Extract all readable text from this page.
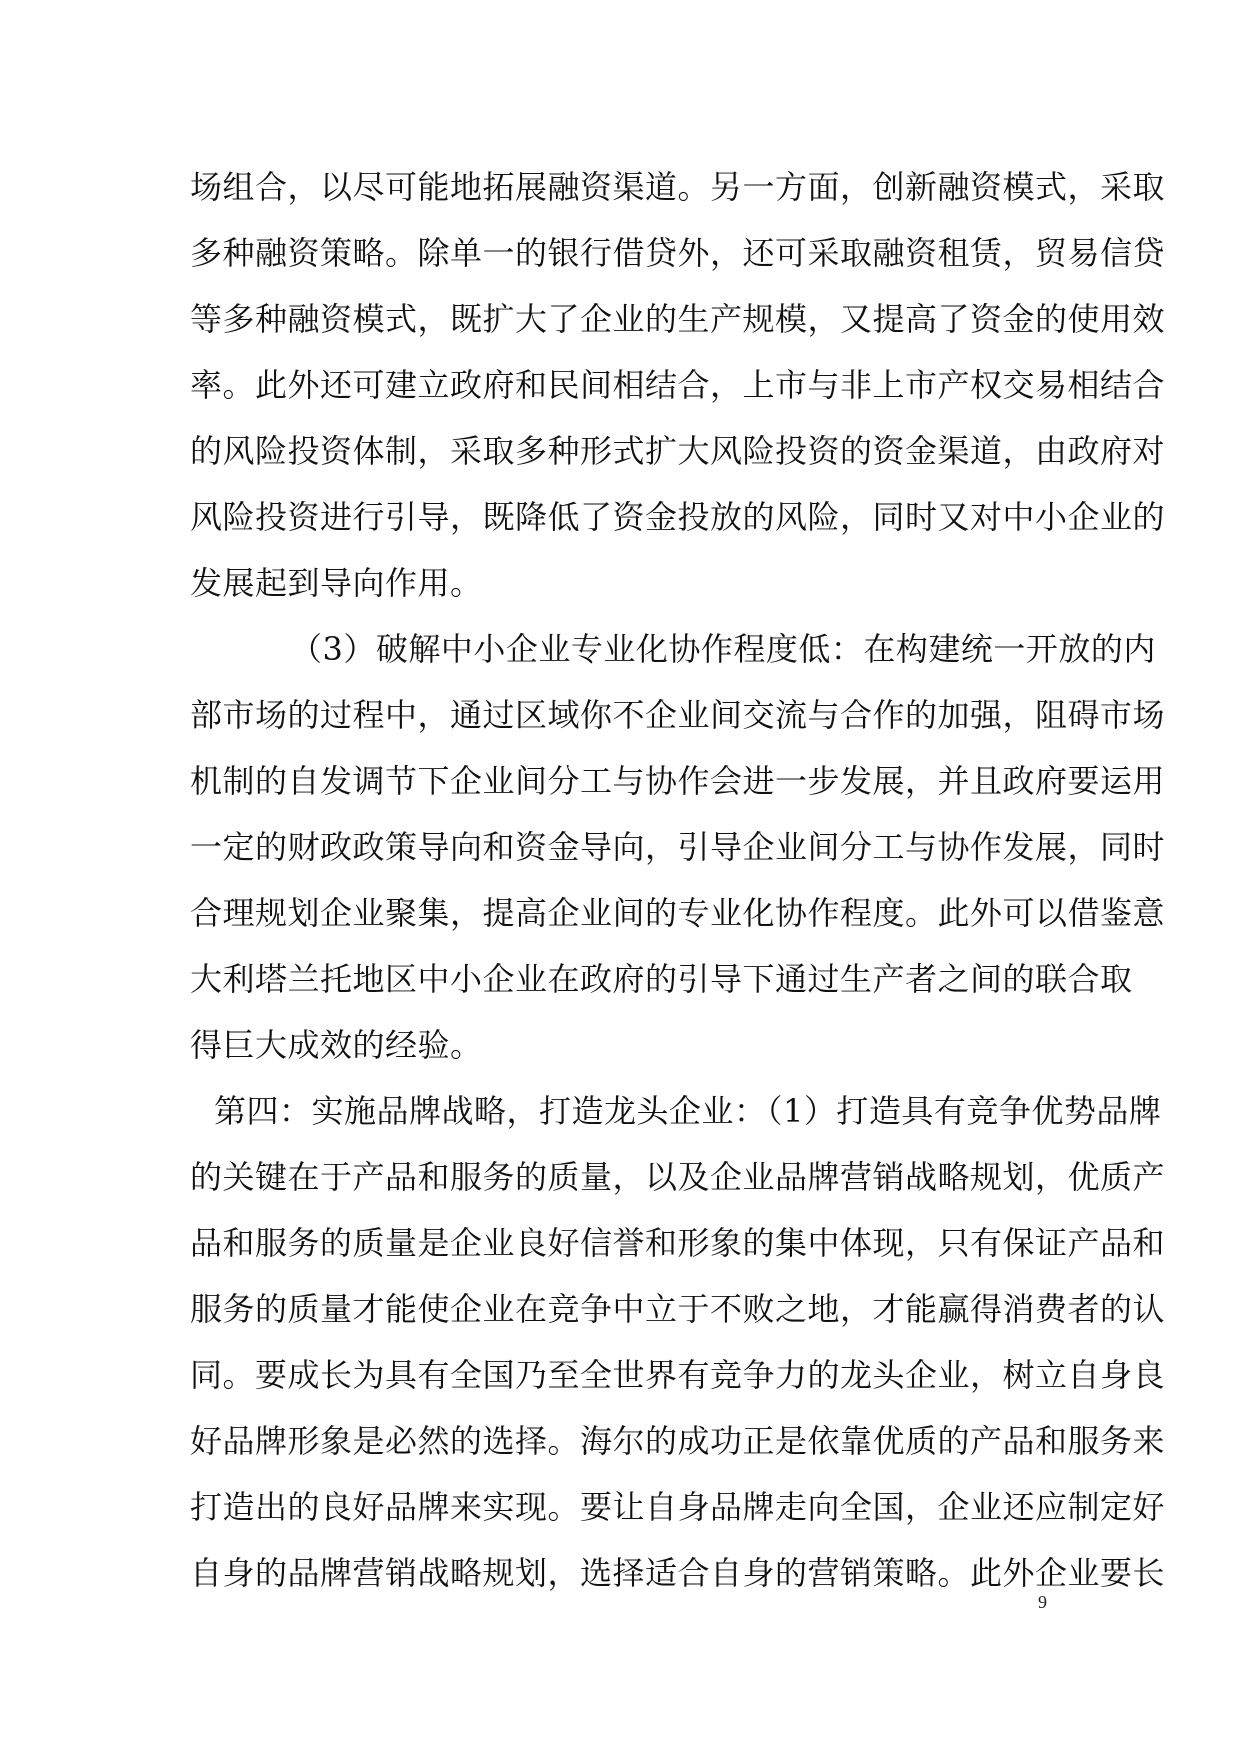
场组合，以尽可能地拓展融资渠道。另一方面，创新融资模式，采取
多种融资策略。除单一的银行借贷外，还可采取融资租赁，贸易信贷
等多种融资模式，既扩大了企业的生产规模，又提高了资金的使用效
率。此外还可建立政府和民间相结合，上市与非上市产权交易相结合
的风险投资体制，采取多种形式扩大风险投资的资金渠道，由政府对
风险投资进行引导，既降低了资金投放的风险，同时又对中小企业的
发展起到导向作用。
（3）破解中小企业专业化协作程度低：在构建统一开放的内
部市场的过程中，通过区域你不企业间交流与合作的加强，阻碍市场
机制的自发调节下企业间分工与协作会进一步发展，并且政府要运用
一定的财政政策导向和资金导向，引导企业间分工与协作发展，同时
合理规划企业聚集，提高企业间的专业化协作程度。此外可以借鉴意
大利塔兰托地区中小企业在政府的引导下通过生产者之间的联合取
得巨大成效的经验。
第四：实施品牌战略，打造龙头企业：（1）打造具有竞争优势品牌
的关键在于产品和服务的质量，以及企业品牌营销战略规划，优质产
品和服务的质量是企业良好信誉和形象的集中体现，只有保证产品和
服务的质量才能使企业在竞争中立于不败之地，才能赢得消费者的认
同。要成长为具有全国乃至全世界有竞争力的龙头企业，树立自身良
好品牌形象是必然的选择。海尔的成功正是依靠优质的产品和服务来
打造出的良好品牌来实现。要让自身品牌走向全国，企业还应制定好
自身的品牌营销战略规划，选择适合自身的营销策略。此外企业要长
9
